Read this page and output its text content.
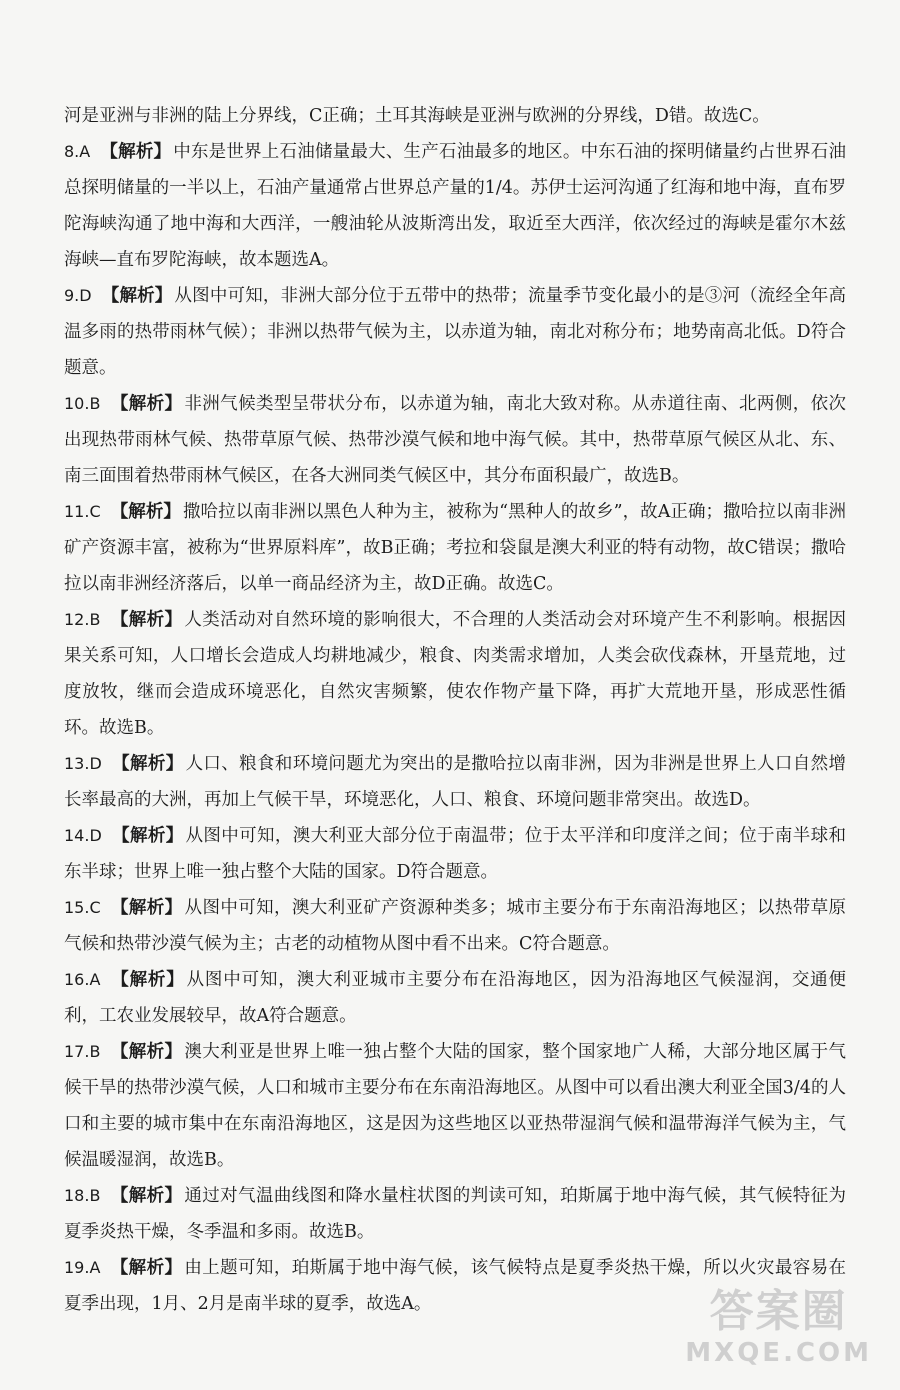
河是亚洲与非洲的陆上分界线，C正确；土耳其海峡是亚洲与欧洲的分界线，D错。故选C。
8.A 【解析】 中东是世界上石油储量最大、生产石油最多的地区。中东石油的探明储量约占世界石油总探明储量的一半以上，石油产量通常占世界总产量的1/4。苏伊士运河沟通了红海和地中海，直布罗陀海峡沟通了地中海和大西洋，一艘油轮从波斯湾出发，取近至大西洋，依次经过的海峡是霍尔木兹海峡—直布罗陀海峡，故本题选A。
9.D 【解析】 从图中可知，非洲大部分位于五带中的热带；流量季节变化最小的是③河（流经全年高温多雨的热带雨林气候）；非洲以热带气候为主，以赤道为轴，南北对称分布；地势南高北低。D符合题意。
10.B 【解析】 非洲气候类型呈带状分布，以赤道为轴，南北大致对称。从赤道往南、北两侧，依次出现热带雨林气候、热带草原气候、热带沙漠气候和地中海气候。其中，热带草原气候区从北、东、南三面围着热带雨林气候区，在各大洲同类气候区中，其分布面积最广，故选B。
11.C 【解析】 撒哈拉以南非洲以黑色人种为主，被称为“黑种人的故乡”，故A正确；撒哈拉以南非洲矿产资源丰富，被称为“世界原料库”，故B正确；考拉和袋鼠是澳大利亚的特有动物，故C错误；撒哈拉以南非洲经济落后，以单一商品经济为主，故D正确。故选C。
12.B 【解析】 人类活动对自然环境的影响很大，不合理的人类活动会对环境产生不利影响。根据因果关系可知，人口增长会造成人均耕地减少，粮食、肉类需求增加，人类会砍伐森林，开垦荒地，过度放牧，继而会造成环境恶化，自然灾害频繁，使农作物产量下降，再扩大荒地开垦，形成恶性循环。故选B。
13.D 【解析】 人口、粮食和环境问题尤为突出的是撒哈拉以南非洲，因为非洲是世界上人口自然增长率最高的大洲，再加上气候干旱，环境恶化，人口、粮食、环境问题非常突出。故选D。
14.D 【解析】 从图中可知，澳大利亚大部分位于南温带；位于太平洋和印度洋之间；位于南半球和东半球；世界上唯一独占整个大陆的国家。D符合题意。
15.C 【解析】 从图中可知，澳大利亚矿产资源种类多；城市主要分布于东南沿海地区；以热带草原气候和热带沙漠气候为主；古老的动植物从图中看不出来。C符合题意。
16.A 【解析】 从图中可知，澳大利亚城市主要分布在沿海地区，因为沿海地区气候湿润，交通便利，工农业发展较早，故A符合题意。
17.B 【解析】 澳大利亚是世界上唯一独占整个大陆的国家，整个国家地广人稀，大部分地区属于气候干旱的热带沙漠气候，人口和城市主要分布在东南沿海地区。从图中可以看出澳大利亚全国3/4的人口和主要的城市集中在东南沿海地区，这是因为这些地区以亚热带湿润气候和温带海洋气候为主，气候温暖湿润，故选B。
18.B 【解析】 通过对气温曲线图和降水量柱状图的判读可知，珀斯属于地中海气候，其气候特征为夏季炎热干燥，冬季温和多雨。故选B。
19.A 【解析】 由上题可知，珀斯属于地中海气候，该气候特点是夏季炎热干燥，所以火灾最容易在夏季出现，1月、2月是南半球的夏季，故选A。	答案圈
MXQE.COM
